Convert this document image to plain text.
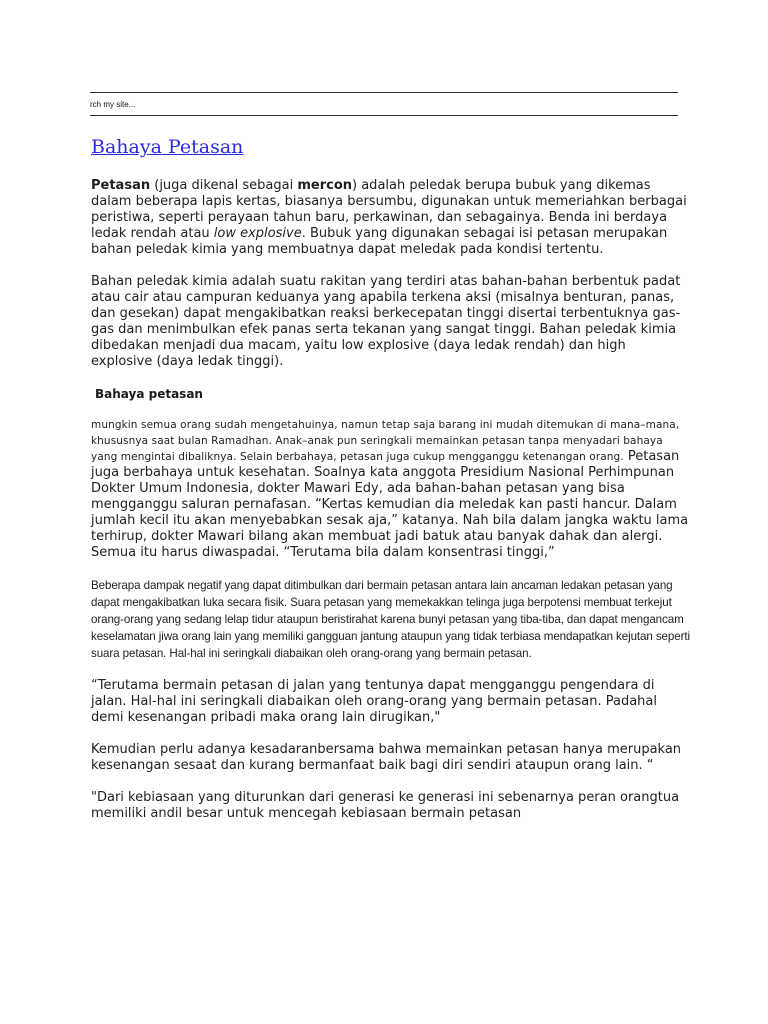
rch my site...
Bahaya Petasan

Petasan (juga dikenal sebagai mercon) adalah peledak berupa bubuk yang dikemas dalam beberapa lapis kertas, biasanya bersumbu, digunakan untuk memeriahkan berbagai peristiwa, seperti perayaan tahun baru, perkawinan, dan sebagainya. Benda ini berdaya ledak rendah atau low explosive. Bubuk yang digunakan sebagai isi petasan merupakan bahan peledak kimia yang membuatnya dapat meledak pada kondisi tertentu.

Bahan peledak kimia adalah suatu rakitan yang terdiri atas bahan-bahan berbentuk padat atau cair atau campuran keduanya yang apabila terkena aksi (misalnya benturan, panas, dan gesekan) dapat mengakibatkan reaksi berkecepatan tinggi disertai terbentuknya gas-gas dan menimbulkan efek panas serta tekanan yang sangat tinggi. Bahan peledak kimia dibedakan menjadi dua macam, yaitu low explosive (daya ledak rendah) dan high explosive (daya ledak tinggi).

Bahaya petasan

mungkin semua orang sudah mengetahuinya, namun tetap saja barang ini mudah ditemukan di mana–mana, khususnya saat bulan Ramadhan. Anak–anak pun seringkali memainkan petasan tanpa menyadari bahaya yang mengintai dibaliknya. Selain berbahaya, petasan juga cukup mengganggu ketenangan orang. Petasan juga berbahaya untuk kesehatan. Soalnya kata anggota Presidium Nasional Perhimpunan Dokter Umum Indonesia, dokter Mawari Edy, ada bahan-bahan petasan yang bisa mengganggu saluran pernafasan. “Kertas kemudian dia meledak kan pasti hancur. Dalam jumlah kecil itu akan menyebabkan sesak aja,” katanya. Nah bila dalam jangka waktu lama terhirup, dokter Mawari bilang akan membuat jadi batuk atau banyak dahak dan alergi. Semua itu harus diwaspadai. “Terutama bila dalam konsentrasi tinggi,”

Beberapa dampak negatif yang dapat ditimbulkan dari bermain petasan antara lain ancaman ledakan petasan yang dapat mengakibatkan luka secara fisik. Suara petasan yang memekakkan telinga juga berpotensi membuat terkejut orang-orang yang sedang lelap tidur ataupun beristirahat karena bunyi petasan yang tiba-tiba, dan dapat mengancam keselamatan jiwa orang lain yang memiliki gangguan jantung ataupun yang tidak terbiasa mendapatkan kejutan seperti suara petasan. Hal-hal ini seringkali diabaikan oleh orang-orang yang bermain petasan.

“Terutama bermain petasan di jalan yang tentunya dapat mengganggu pengendara di jalan. Hal-hal ini seringkali diabaikan oleh orang-orang yang bermain petasan. Padahal demi kesenangan pribadi maka orang lain dirugikan,"

Kemudian perlu adanya kesadaranbersama bahwa memainkan petasan hanya merupakan kesenangan sesaat dan kurang bermanfaat baik bagi diri sendiri ataupun orang lain. “

"Dari kebiasaan yang diturunkan dari generasi ke generasi ini sebenarnya peran orangtua memiliki andil besar untuk mencegah kebiasaan bermain petasan
